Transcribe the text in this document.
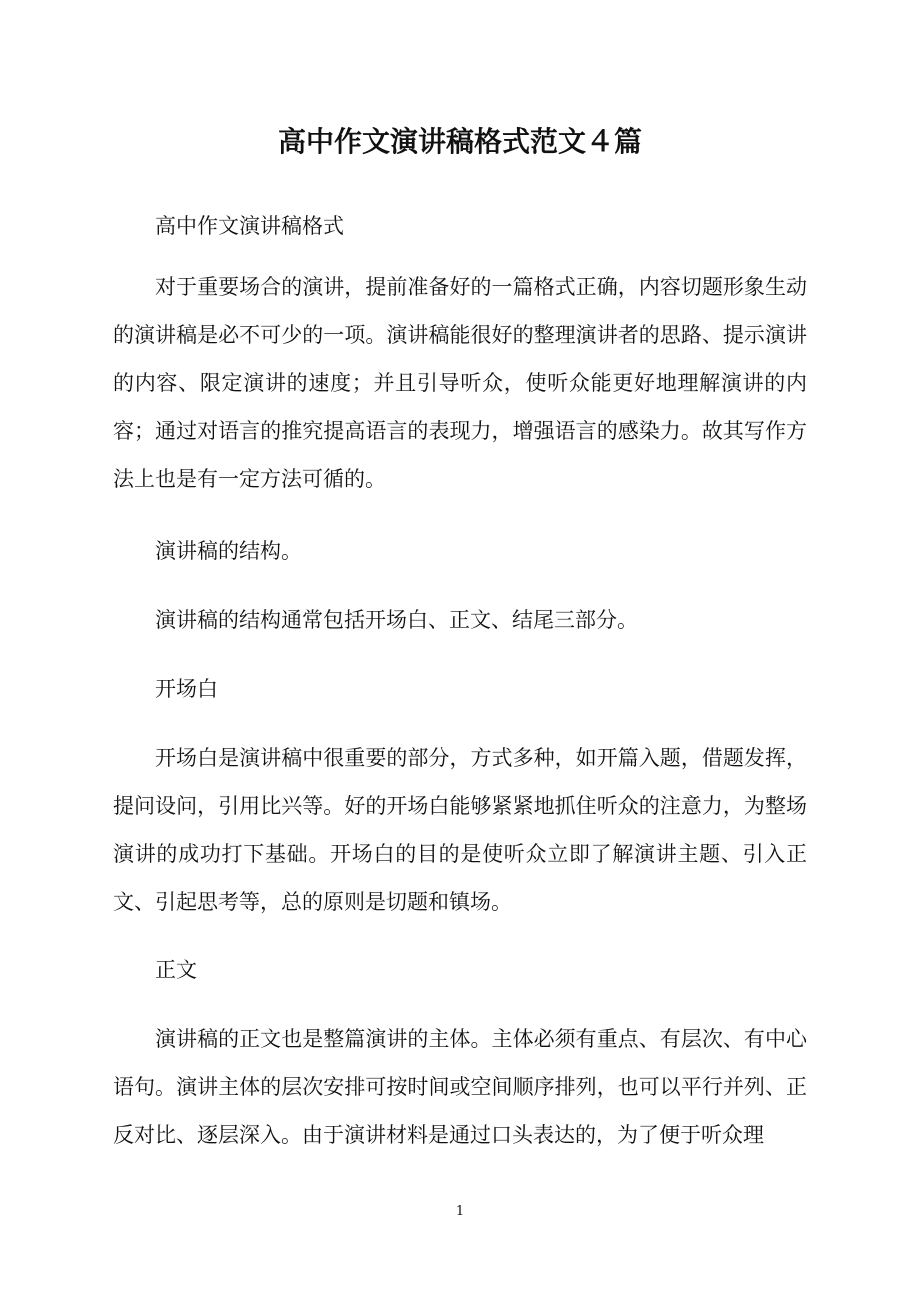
高中作文演讲稿格式范文４篇

高中作文演讲稿格式

对于重要场合的演讲，提前准备好的一篇格式正确，内容切题形象生动的演讲稿是必不可少的一项。演讲稿能很好的整理演讲者的思路、提示演讲的内容、限定演讲的速度；并且引导听众，使听众能更好地理解演讲的内容；通过对语言的推究提高语言的表现力，增强语言的感染力。故其写作方法上也是有一定方法可循的。

演讲稿的结构。

演讲稿的结构通常包括开场白、正文、结尾三部分。

开场白

开场白是演讲稿中很重要的部分，方式多种，如开篇入题，借题发挥，提问设问，引用比兴等。好的开场白能够紧紧地抓住听众的注意力，为整场演讲的成功打下基础。开场白的目的是使听众立即了解演讲主题、引入正文、引起思考等，总的原则是切题和镇场。

正文

演讲稿的正文也是整篇演讲的主体。主体必须有重点、有层次、有中心语句。演讲主体的层次安排可按时间或空间顺序排列，也可以平行并列、正反对比、逐层深入。由于演讲材料是通过口头表达的，为了便于听众理

1
